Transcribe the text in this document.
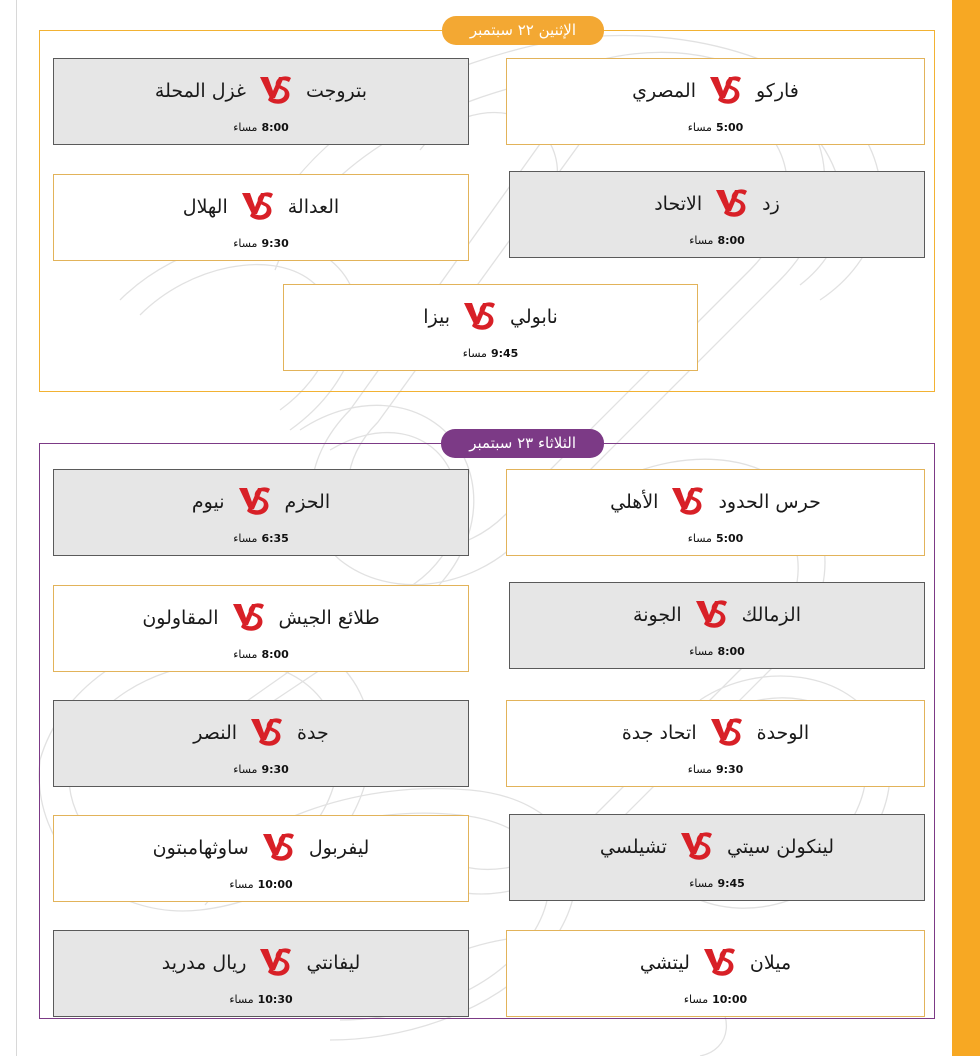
الإثنين ٢٢ سبتمبر
فاركو
المصري
5:00
مساء
بتروجت
غزل المحلة
8:00
مساء
زد
الاتحاد
8:00
مساء
العدالة
الهلال
9:30
مساء
نابولي
بيزا
9:45
مساء
الثلاثاء ٢٣ سبتمبر
حرس الحدود
الأهلي
5:00
مساء
الحزم
نيوم
6:35
مساء
الزمالك
الجونة
8:00
مساء
طلائع الجيش
المقاولون
8:00
مساء
الوحدة
اتحاد جدة
9:30
مساء
جدة
النصر
9:30
مساء
لينكولن سيتي
تشيلسي
9:45
مساء
ليفربول
ساوثهامبتون
10:00
مساء
ميلان
ليتشي
10:00
مساء
ليفانتي
ريال مدريد
10:30
مساء
